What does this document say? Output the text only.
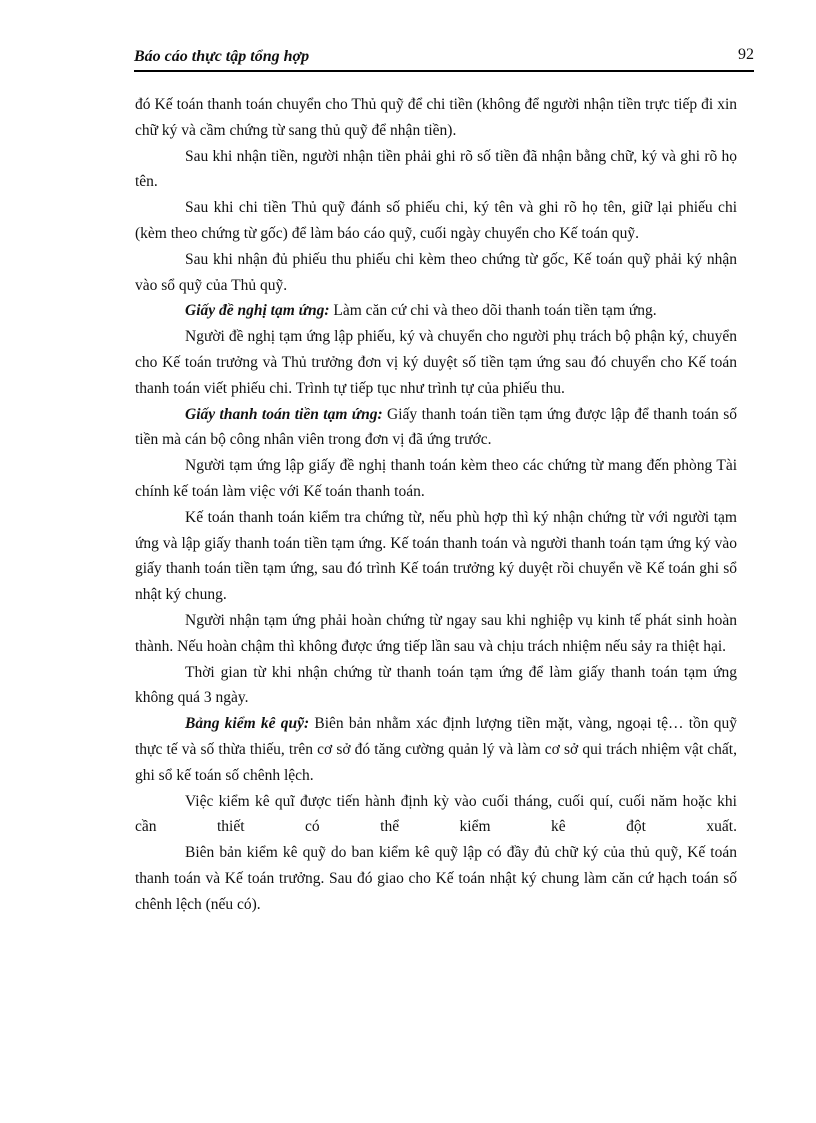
Báo cáo thực tập tổng hợp	92

đó Kế toán thanh toán chuyển cho Thủ quỹ để chi tiền (không để người nhận tiền trực tiếp đi xin chữ ký và cầm chứng từ sang thủ quỹ để nhận tiền).

Sau khi nhận tiền, người nhận tiền phải ghi rõ số tiền đã nhận bằng chữ, ký và ghi rõ họ tên.

Sau khi chi tiền Thủ quỹ đánh số phiếu chi, ký tên và ghi rõ họ tên, giữ lại phiếu chi (kèm theo chứng từ gốc) để làm báo cáo quỹ, cuối ngày chuyển cho Kế toán quỹ.

Sau khi nhận đủ phiếu thu phiếu chi kèm theo chứng từ gốc, Kế toán quỹ phải ký nhận vào sổ quỹ của Thủ quỹ.

Giấy đề nghị tạm ứng: Làm căn cứ chi và theo dõi thanh toán tiền tạm ứng.

Người đề nghị tạm ứng lập phiếu, ký và chuyển cho người phụ trách bộ phận ký, chuyển cho Kế toán trưởng và Thủ trưởng đơn vị ký duyệt số tiền tạm ứng sau đó chuyển cho Kế toán thanh toán viết phiếu chi. Trình tự tiếp tục như trình tự của phiếu thu.

Giấy thanh toán tiền tạm ứng: Giấy thanh toán tiền tạm ứng được lập để thanh toán số tiền mà cán bộ công nhân viên trong đơn vị đã ứng trước.

Người tạm ứng lập giấy đề nghị thanh toán kèm theo các chứng từ mang đến phòng Tài chính kế toán làm việc với Kế toán thanh toán.

Kế toán thanh toán kiểm tra chứng từ, nếu phù hợp thì ký nhận chứng từ với người tạm ứng và lập giấy thanh toán tiền tạm ứng. Kế toán thanh toán và người thanh toán tạm ứng ký vào giấy thanh toán tiền tạm ứng, sau đó trình Kế toán trưởng ký duyệt rồi chuyển về Kế toán ghi sổ nhật ký chung.

Người nhận tạm ứng phải hoàn chứng từ ngay sau khi nghiệp vụ kinh tế phát sinh hoàn thành. Nếu hoàn chậm thì không được ứng tiếp lần sau và chịu trách nhiệm nếu sảy ra thiệt hại.

Thời gian từ khi nhận chứng từ thanh toán tạm ứng để làm giấy thanh toán tạm ứng không quá 3 ngày.

Bảng kiểm kê quỹ: Biên bản nhằm xác định lượng tiền mặt, vàng, ngoại tệ… tồn quỹ thực tế và số thừa thiếu, trên cơ sở đó tăng cường quản lý và làm cơ sở qui trách nhiệm vật chất, ghi sổ kế toán số chênh lệch.

Việc kiểm kê quĩ được tiến hành định kỳ vào cuối tháng, cuối quí, cuối năm hoặc khi cần thiết có thể kiểm kê đột xuất.

Biên bản kiểm kê quỹ do ban kiểm kê quỹ lập có đầy đủ chữ ký của thủ quỹ, Kế toán thanh toán và Kế toán trưởng. Sau đó giao cho Kế toán nhật ký chung làm căn cứ hạch toán số chênh lệch (nếu có).
